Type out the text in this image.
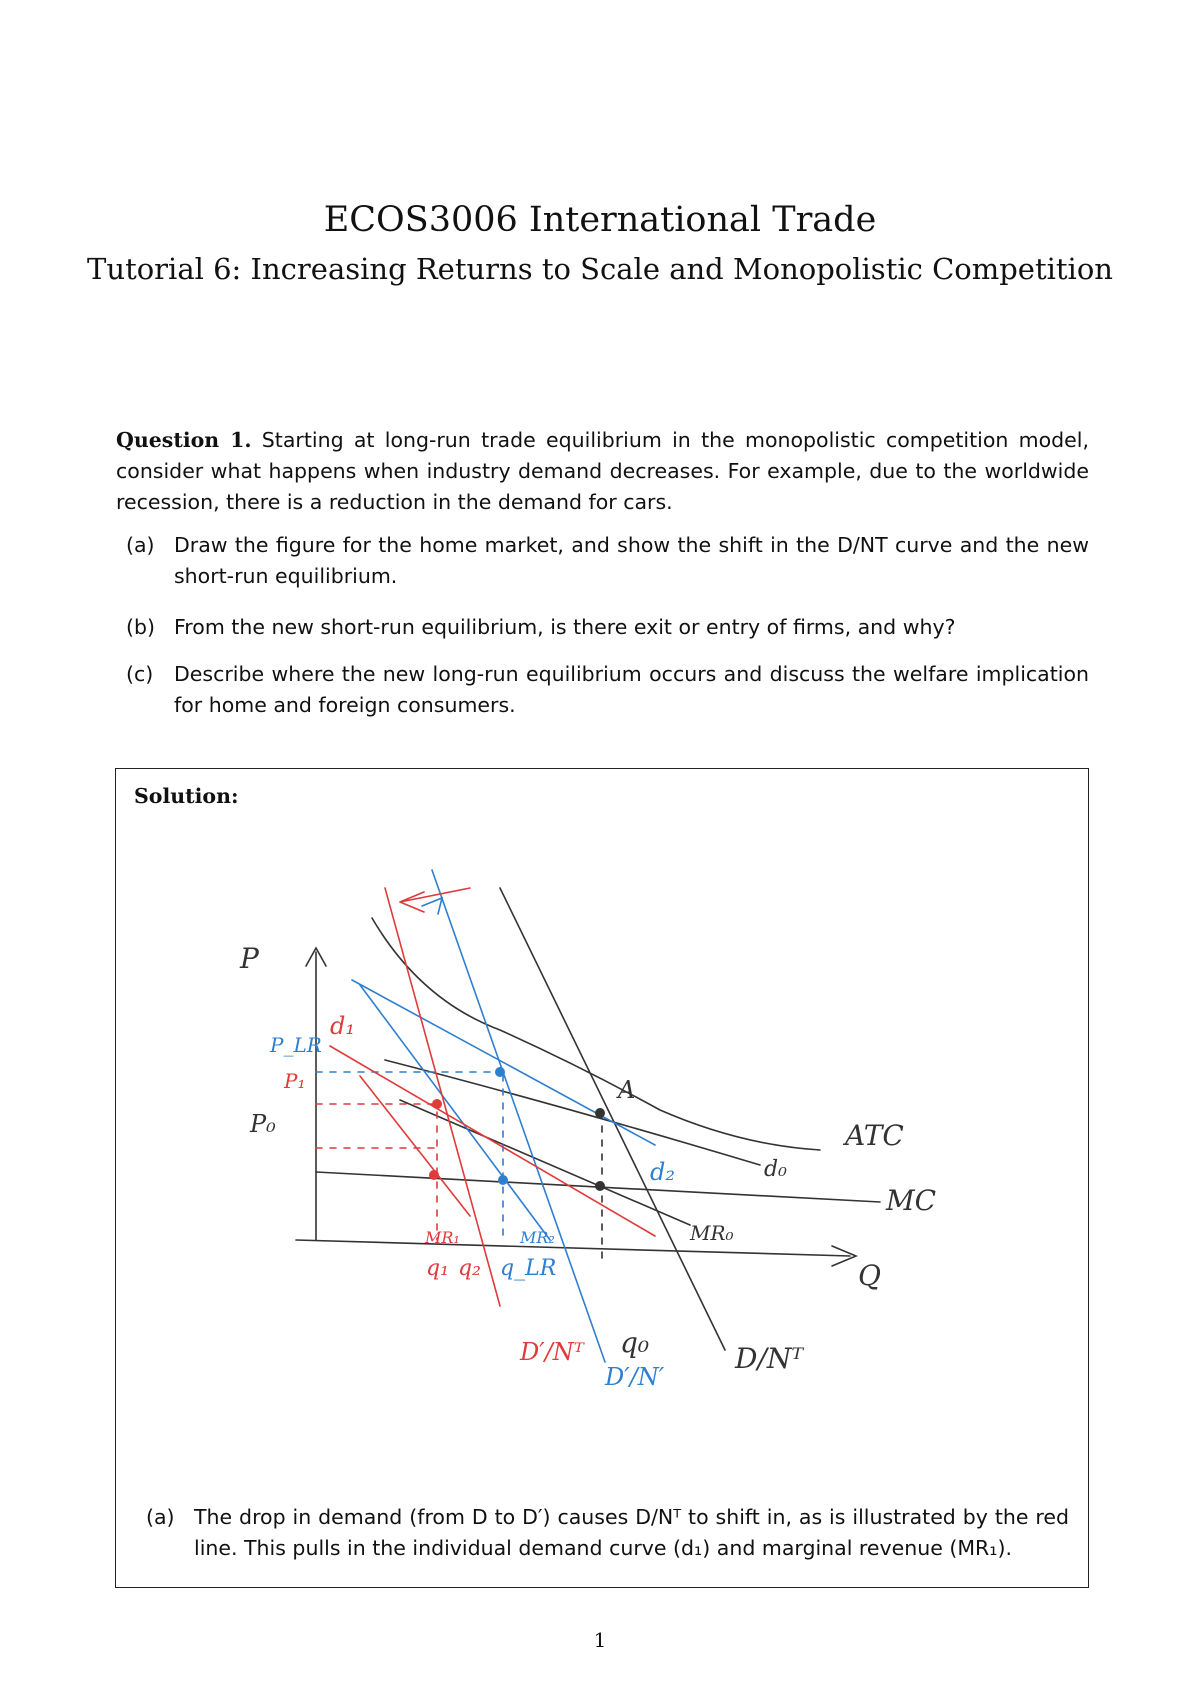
ECOS3006 International Trade
Tutorial 6: Increasing Returns to Scale and Monopolistic Competition
Question 1. Starting at long-run trade equilibrium in the monopolistic competition model, consider what happens when industry demand decreases. For example, due to the worldwide recession, there is a reduction in the demand for cars.
(a) Draw the figure for the home market, and show the shift in the D/NT curve and the new short-run equilibrium.
(b) From the new short-run equilibrium, is there exit or entry of firms, and why?
(c) Describe where the new long-run equilibrium occurs and discuss the welfare implication for home and foreign consumers.
Solution:
P
Q
ATC
MC
d₀
MR₀
D/Nᵀ
A
q₀
d₂
MR₂
D′/N′
P_LR
q_LR
d₁
MR₁
D′/Nᵀ
P₁
q₁ q₂
P₀
(a) The drop in demand (from D to D′) causes D/Nᵀ to shift in, as is illustrated by the red line. This pulls in the individual demand curve (d₁) and marginal revenue (MR₁).
1
